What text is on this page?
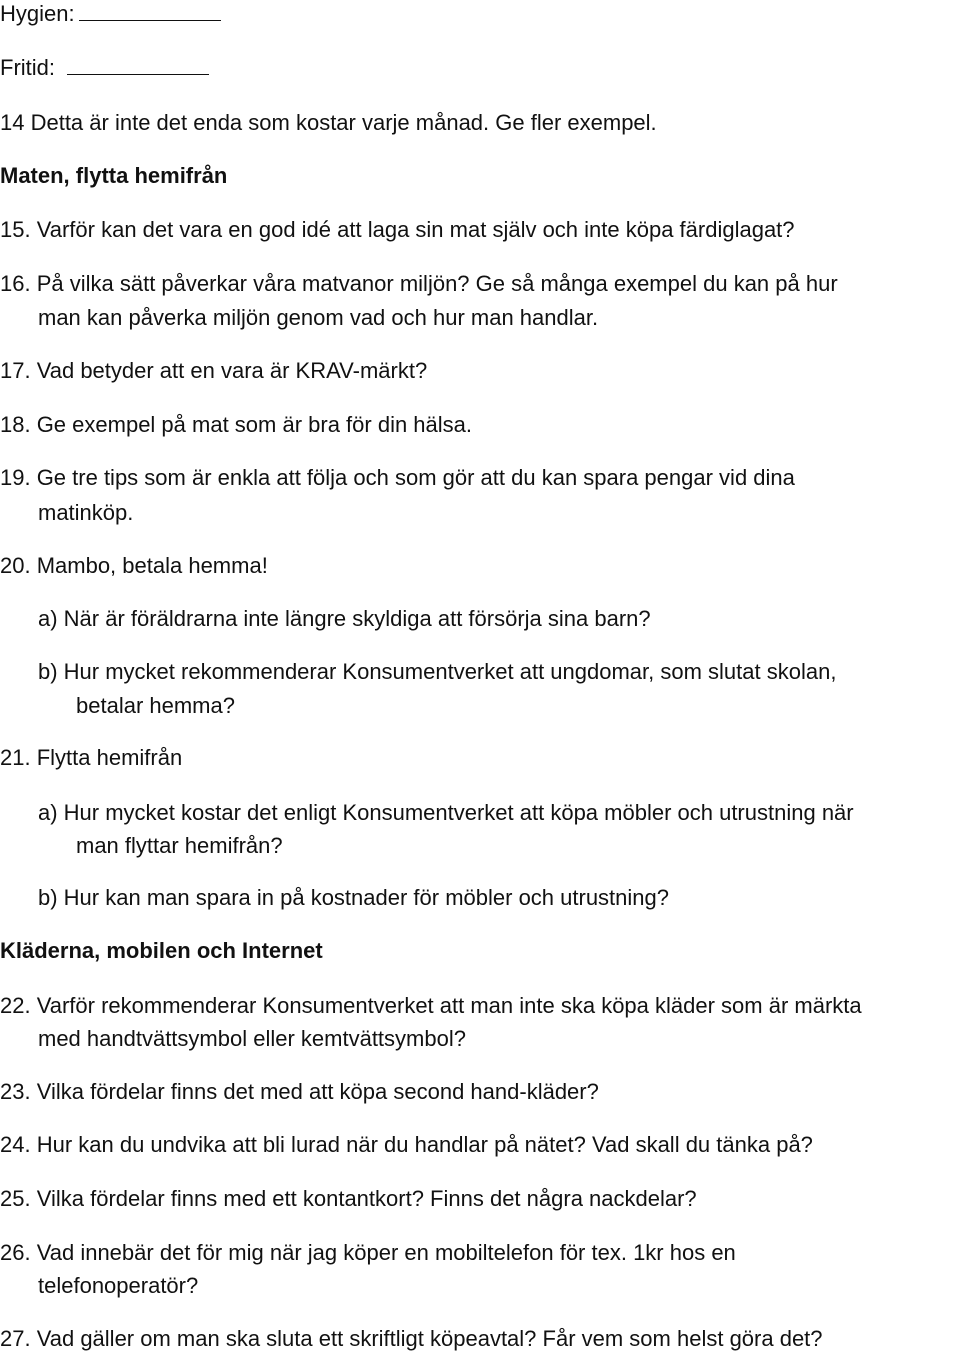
Hygien:
Fritid:
14 Detta är inte det enda som kostar varje månad. Ge fler exempel.
Maten, flytta hemifrån
15. Varför kan det vara en god idé att laga sin mat själv och inte köpa färdiglagat?
16. På vilka sätt påverkar våra matvanor miljön? Ge så många exempel du kan på hur
man kan påverka miljön genom vad och hur man handlar.
17. Vad betyder att en vara är KRAV-märkt?
18. Ge exempel på mat som är bra för din hälsa.
19. Ge tre tips som är enkla att följa och som gör att du kan spara pengar vid dina
matinköp.
20. Mambo, betala hemma!
a) När är föräldrarna inte längre skyldiga att försörja sina barn?
b) Hur mycket rekommenderar Konsumentverket att ungdomar, som slutat skolan,
betalar hemma?
21. Flytta hemifrån
a) Hur mycket kostar det enligt Konsumentverket att köpa möbler och utrustning när
man flyttar hemifrån?
b) Hur kan man spara in på kostnader för möbler och utrustning?
Kläderna, mobilen och Internet
22. Varför rekommenderar Konsumentverket att man inte ska köpa kläder som är märkta
med handtvättsymbol eller kemtvättsymbol?
23. Vilka fördelar finns det med att köpa second hand-kläder?
24. Hur kan du undvika att bli lurad när du handlar på nätet? Vad skall du tänka på?
25. Vilka fördelar finns med ett kontantkort? Finns det några nackdelar?
26. Vad innebär det för mig när jag köper en mobiltelefon för tex. 1kr hos en
telefonoperatör?
27. Vad gäller om man ska sluta ett skriftligt köpeavtal? Får vem som helst göra det?
